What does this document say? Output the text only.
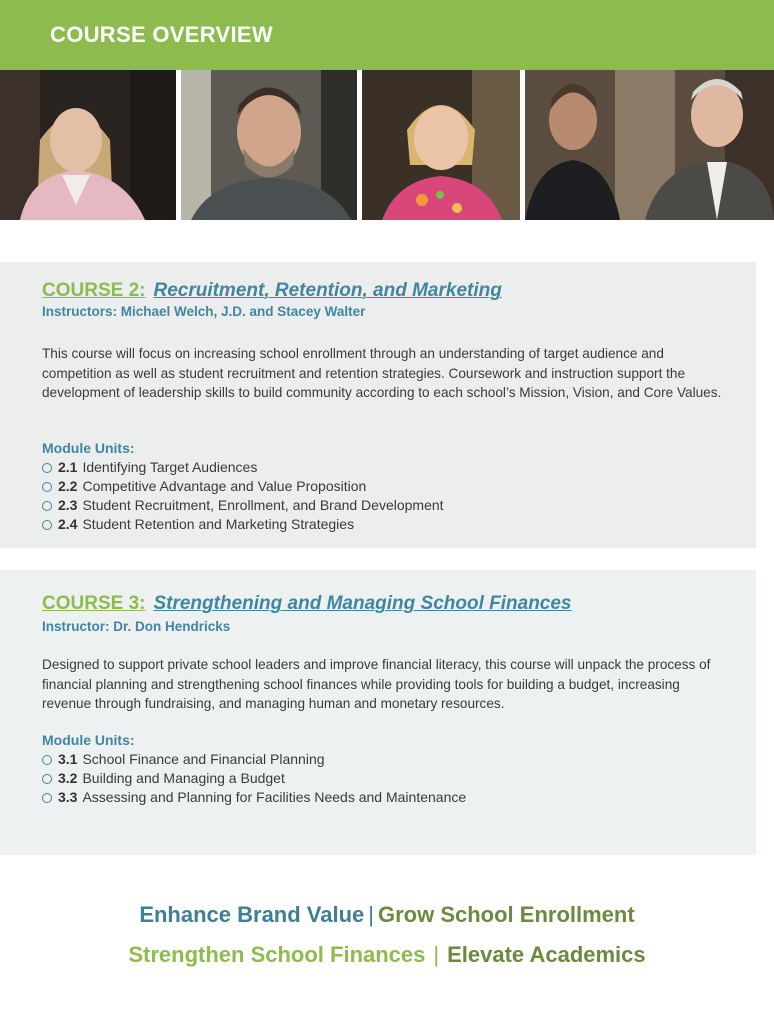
COURSE OVERVIEW
COURSE 2: Recruitment, Retention, and Marketing
Instructors: Michael Welch, J.D. and Stacey Walter

This course will focus on increasing school enrollment through an understanding of target audience and competition as well as student recruitment and retention strategies. Coursework and instruction support the development of leadership skills to build community according to each school’s Mission, Vision, and Core Values.

Module Units:
2.1 Identifying Target Audiences
2.2 Competitive Advantage and Value Proposition
2.3 Student Recruitment, Enrollment, and Brand Development
2.4 Student Retention and Marketing Strategies
COURSE 3: Strengthening and Managing School Finances
Instructor: Dr. Don Hendricks

Designed to support private school leaders and improve financial literacy, this course will unpack the process of financial planning and strengthening school finances while providing tools for building a budget, increasing revenue through fundraising, and managing human and monetary resources.

Module Units:
3.1 School Finance and Financial Planning
3.2 Building and Managing a Budget
3.3 Assessing and Planning for Facilities Needs and Maintenance
Enhance Brand Value | Grow School Enrollment
Strengthen School Finances | Elevate Academics
